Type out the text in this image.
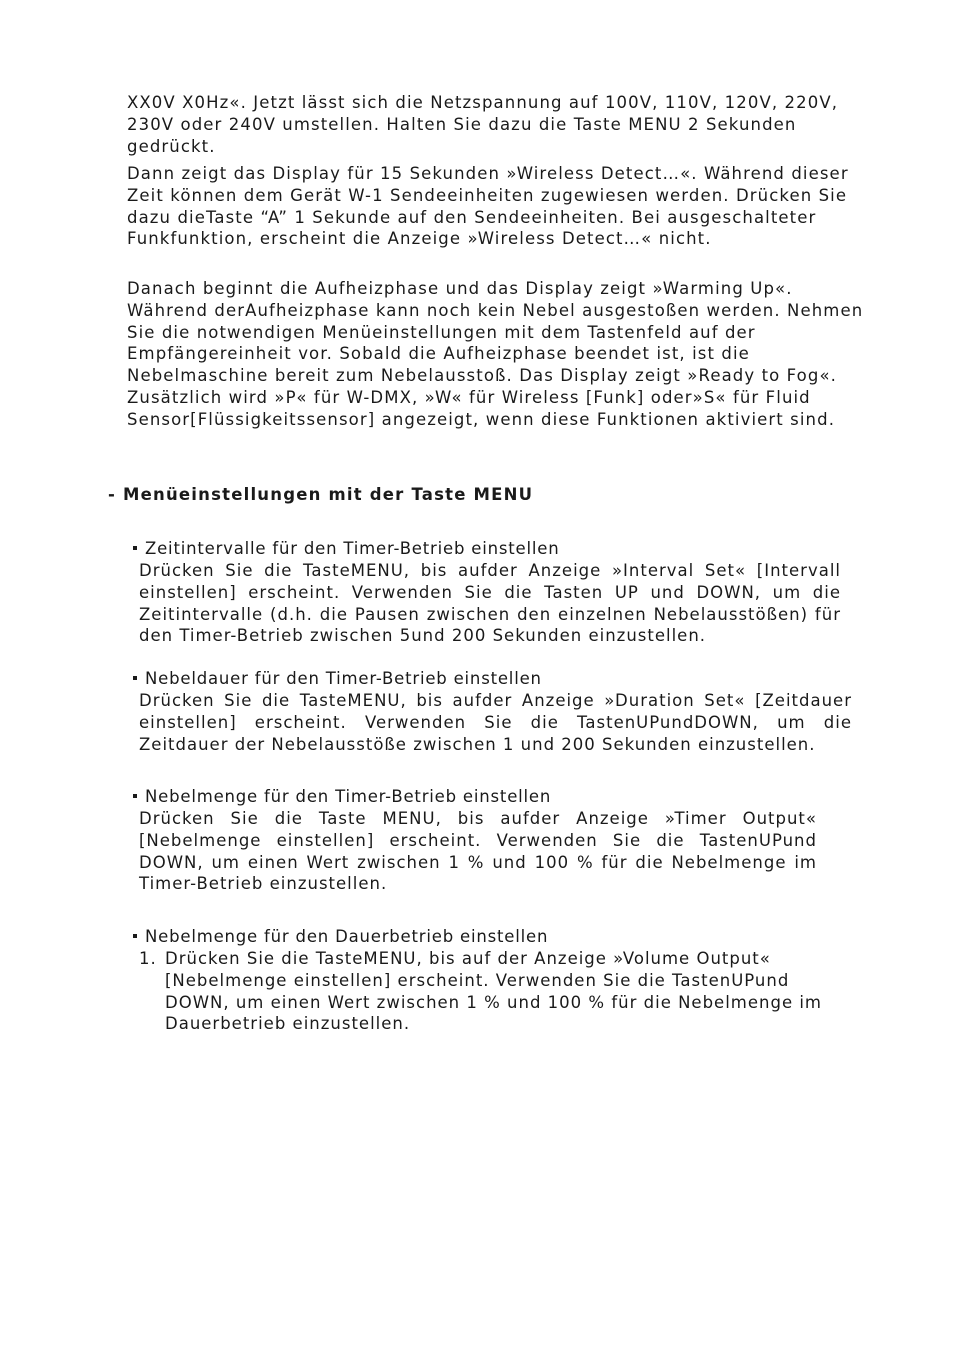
XX0V X0Hz«. Jetzt lässt sich die Netzspannung auf 100V, 110V, 120V, 220V, 230V oder 240V umstellen. Halten Sie dazu die Taste MENU 2 Sekunden gedrückt.

Dann zeigt das Display für 15 Sekunden »Wireless Detect…«. Während dieser Zeit können dem Gerät W-1 Sendeeinheiten zugewiesen werden. Drücken Sie dazu dieTaste “A” 1 Sekunde auf den Sendeeinheiten. Bei ausgeschalteter Funkfunktion, erscheint die Anzeige »Wireless Detect…« nicht.

Danach beginnt die Aufheizphase und das Display zeigt »Warming Up«. Während derAufheizphase kann noch kein Nebel ausgestoßen werden. Nehmen Sie die notwendigen Menüeinstellungen mit dem Tastenfeld auf der Empfängereinheit vor. Sobald die Aufheizphase beendet ist, ist die Nebelmaschine bereit zum Nebelausstoß. Das Display zeigt »Ready to Fog«. Zusätzlich wird »P« für W-DMX, »W« für Wireless [Funk] oder»S« für Fluid Sensor[Flüssigkeitssensor] angezeigt, wenn diese Funktionen aktiviert sind.

- Menüeinstellungen mit der Taste MENU
Zeitintervalle für den Timer-Betrieb einstellen

Drücken Sie die TasteMENU, bis aufder Anzeige »Interval Set« [Intervall einstellen] erscheint. Verwenden Sie die Tasten UP und DOWN, um die Zeitintervalle (d.h. die Pausen zwischen den einzelnen Nebelausstößen) für den Timer-Betrieb zwischen 5und 200 Sekunden einzustellen.

Nebeldauer für den Timer-Betrieb einstellen

Drücken Sie die TasteMENU, bis aufder Anzeige »Duration Set« [Zeitdauer einstellen] erscheint. Verwenden Sie die TastenUPundDOWN, um die Zeitdauer der Nebelausstöße zwischen 1 und 200 Sekunden einzustellen.

Nebelmenge für den Timer-Betrieb einstellen

Drücken Sie die Taste MENU, bis aufder Anzeige »Timer Output« [Nebelmenge einstellen] erscheint. Verwenden Sie die TastenUPund DOWN, um einen Wert zwischen 1 % und 100 % für die Nebelmenge im Timer-Betrieb einzustellen.

Nebelmenge für den Dauerbetrieb einstellen
1. Drücken Sie die TasteMENU, bis auf der Anzeige »Volume Output« [Nebelmenge einstellen] erscheint. Verwenden Sie die TastenUPund DOWN, um einen Wert zwischen 1 % und 100 % für die Nebelmenge im Dauerbetrieb einzustellen.
